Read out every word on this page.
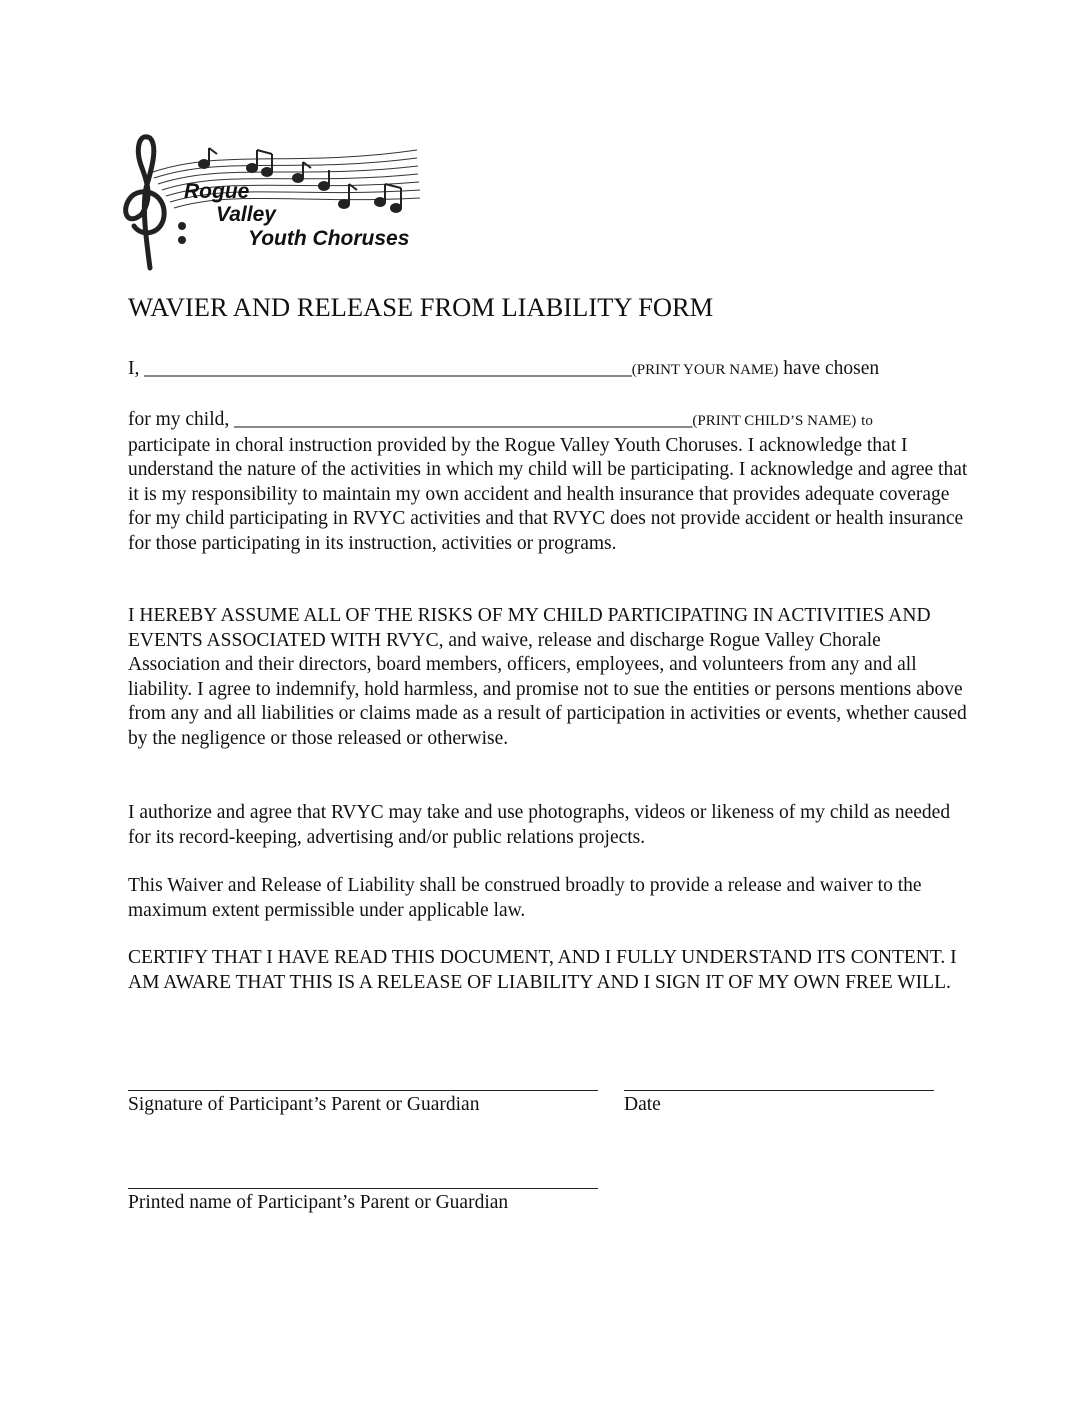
Rogue
Valley
Youth Choruses
WAVIER AND RELEASE FROM LIABILITY FORM
I, __________________________________________________(PRINT YOUR NAME) have chosen
for my child, _______________________________________________(PRINT CHILD’S NAME) to
participate in choral instruction provided by the Rogue Valley Youth Choruses. I acknowledge that I understand the nature of the activities in which my child will be participating. I acknowledge and agree that it is my responsibility to maintain my own accident and health insurance that provides adequate coverage for my child participating in RVYC activities and that RVYC does not provide accident or health insurance for those participating in its instruction, activities or programs.
I HEREBY ASSUME ALL OF THE RISKS OF MY CHILD PARTICIPATING IN ACTIVITIES AND EVENTS ASSOCIATED WITH RVYC, and waive, release and discharge Rogue Valley Chorale Association and their directors, board members, officers, employees, and volunteers from any and all liability. I agree to indemnify, hold harmless, and promise not to sue the entities or persons mentions above from any and all liabilities or claims made as a result of participation in activities or events, whether caused by the negligence or those released or otherwise.
I authorize and agree that RVYC may take and use photographs, videos or likeness of my child as needed for its record-keeping, advertising and/or public relations projects.
This Waiver and Release of Liability shall be construed broadly to provide a release and waiver to the maximum extent permissible under applicable law.
CERTIFY THAT I HAVE READ THIS DOCUMENT, AND I FULLY UNDERSTAND ITS CONTENT. I AM AWARE THAT THIS IS A RELEASE OF LIABILITY AND I SIGN IT OF MY OWN FREE WILL.
Signature of Participant’s Parent or Guardian	Date
Printed name of Participant’s Parent or Guardian
